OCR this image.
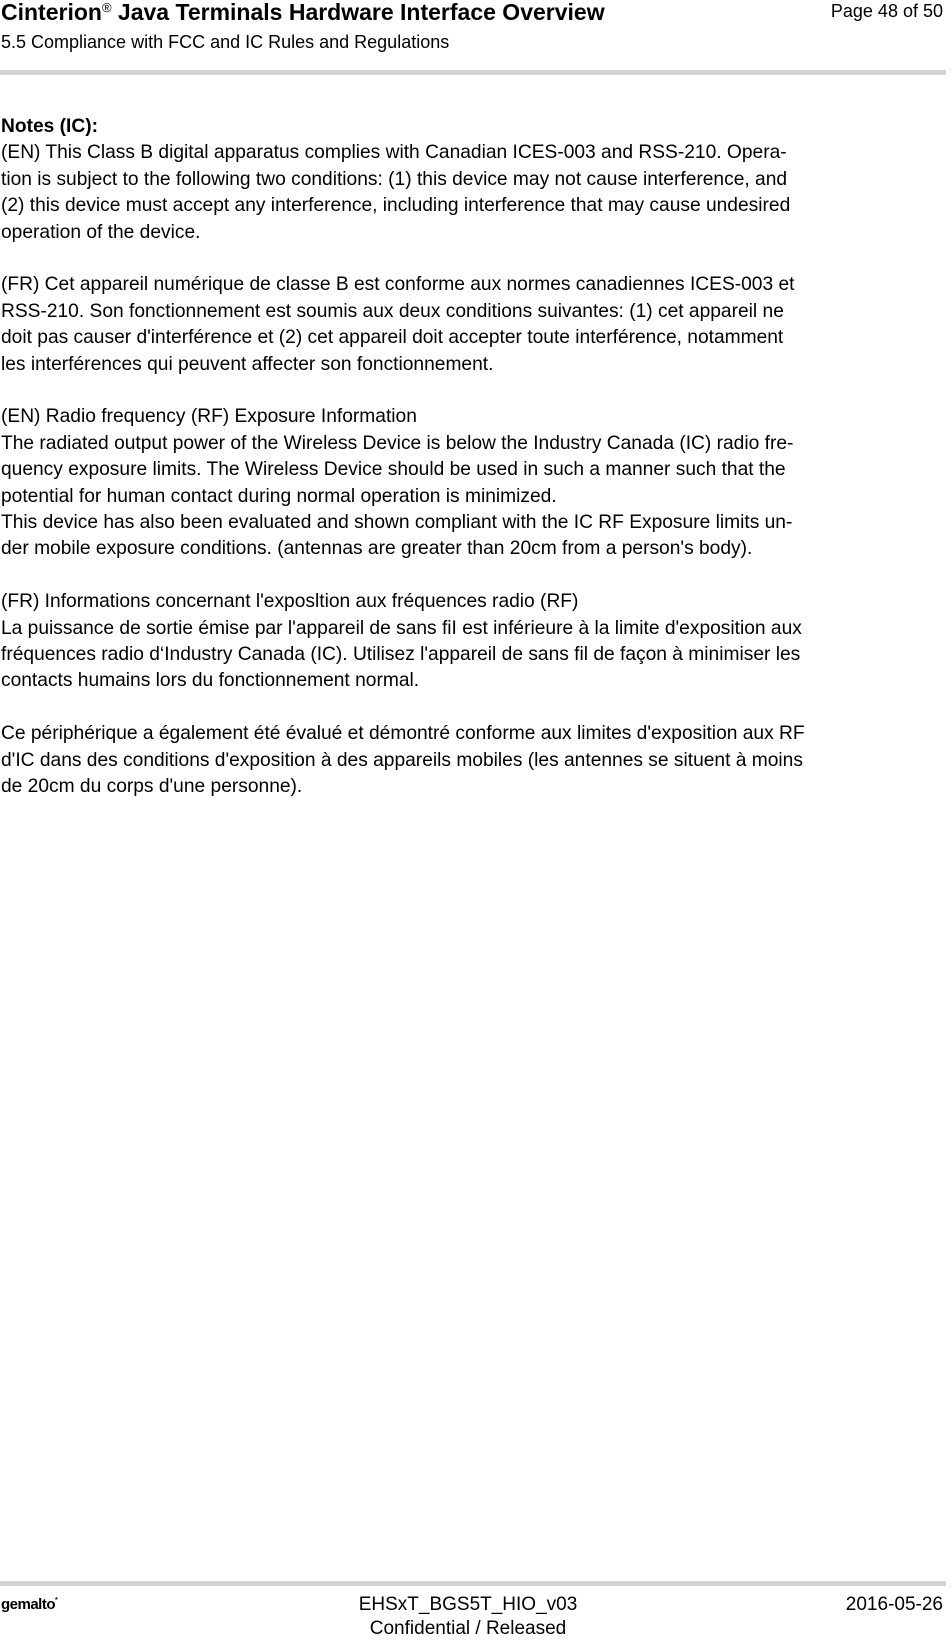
Cinterion® Java Terminals Hardware Interface Overview
5.5 Compliance with FCC and IC Rules and Regulations
Page 48 of 50

Notes (IC):
(EN) This Class B digital apparatus complies with Canadian ICES-003 and RSS-210. Opera-
tion is subject to the following two conditions: (1) this device may not cause interference, and
(2) this device must accept any interference, including interference that may cause undesired
operation of the device.

(FR) Cet appareil numérique de classe B est conforme aux normes canadiennes ICES-003 et
RSS-210. Son fonctionnement est soumis aux deux conditions suivantes: (1) cet appareil ne
doit pas causer d'interférence et (2) cet appareil doit accepter toute interférence, notamment
les interférences qui peuvent affecter son fonctionnement.

(EN) Radio frequency (RF) Exposure Information
The radiated output power of the Wireless Device is below the Industry Canada (IC) radio fre-
quency exposure limits. The Wireless Device should be used in such a manner such that the
potential for human contact during normal operation is minimized.
This device has also been evaluated and shown compliant with the IC RF Exposure limits un-
der mobile exposure conditions. (antennas are greater than 20cm from a person's body).

(FR) Informations concernant l'exposltion aux fréquences radio (RF)
La puissance de sortie émise par l'appareil de sans fiI est inférieure à la limite d'exposition aux
fréquences radio d‘Industry Canada (IC). Utilisez l'appareil de sans fil de façon à minimiser les
contacts humains lors du fonctionnement normal.

Ce périphérique a également été évalué et démontré conforme aux limites d'exposition aux RF
d'IC dans des conditions d'exposition à des appareils mobiles (les antennes se situent à moins
de 20cm du corps d'une personne).

gemalto*	EHSxT_BGS5T_HIO_v03
Confidential / Released
2016-05-26
